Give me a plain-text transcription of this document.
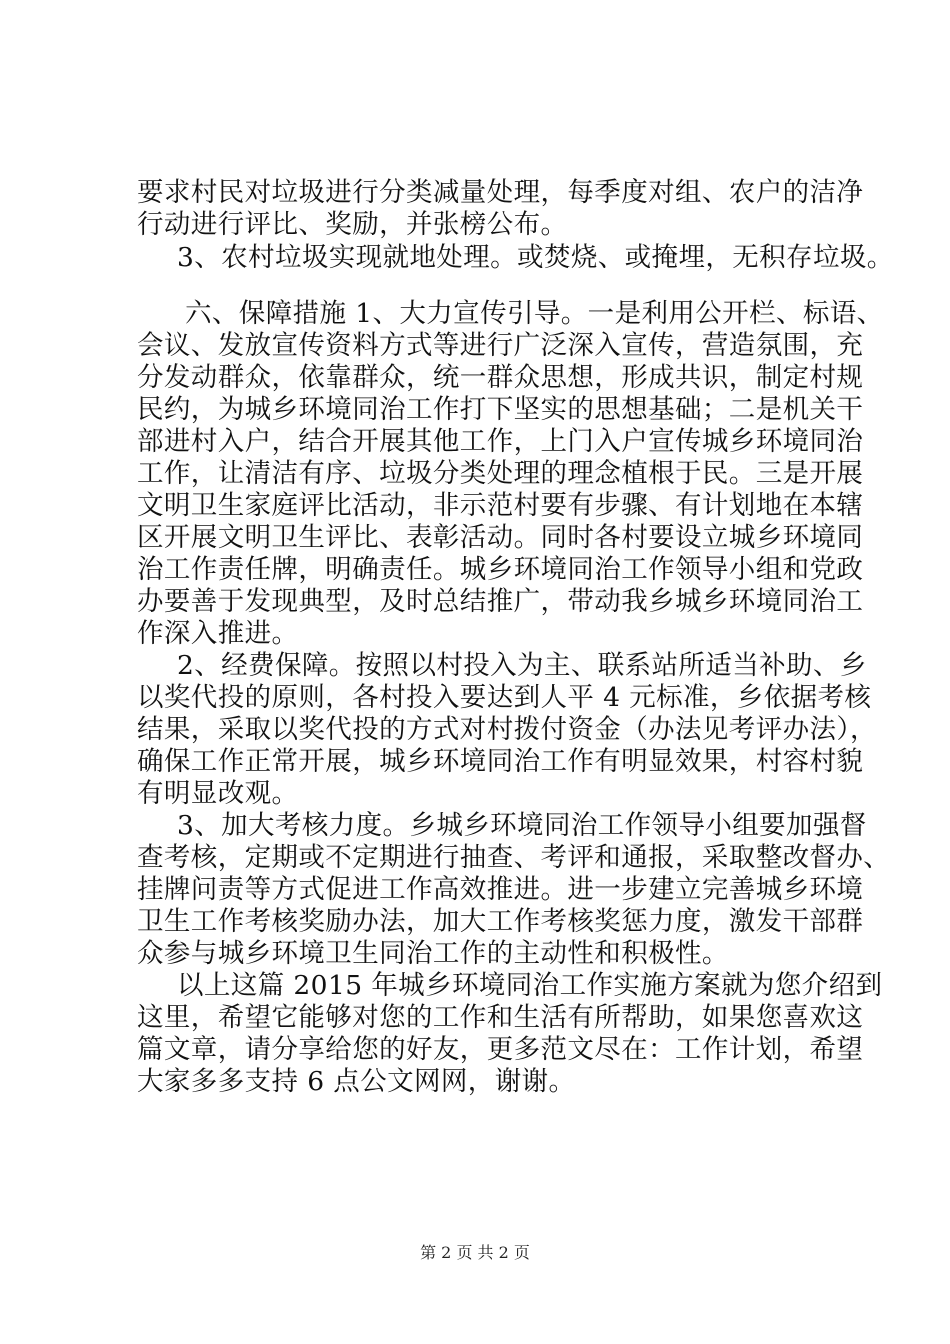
要求村民对垃圾进行分类减量处理，每季度对组、农户的洁净
行动进行评比、奖励，并张榜公布。
3、农村垃圾实现就地处理。或焚烧、或掩埋，无积存垃圾。
六、保障措施 1、大力宣传引导。一是利用公开栏、标语、
会议、发放宣传资料方式等进行广泛深入宣传，营造氛围，充
分发动群众，依靠群众，统一群众思想，形成共识，制定村规
民约，为城乡环境同治工作打下坚实的思想基础；二是机关干
部进村入户，结合开展其他工作，上门入户宣传城乡环境同治
工作，让清洁有序、垃圾分类处理的理念植根于民。三是开展
文明卫生家庭评比活动，非示范村要有步骤、有计划地在本辖
区开展文明卫生评比、表彰活动。同时各村要设立城乡环境同
治工作责任牌，明确责任。城乡环境同治工作领导小组和党政
办要善于发现典型，及时总结推广，带动我乡城乡环境同治工
作深入推进。
2、经费保障。按照以村投入为主、联系站所适当补助、乡
以奖代投的原则，各村投入要达到人平 4 元标准，乡依据考核
结果，采取以奖代投的方式对村拨付资金（办法见考评办法），
确保工作正常开展，城乡环境同治工作有明显效果，村容村貌
有明显改观。
3、加大考核力度。乡城乡环境同治工作领导小组要加强督
查考核，定期或不定期进行抽查、考评和通报，采取整改督办、
挂牌问责等方式促进工作高效推进。进一步建立完善城乡环境
卫生工作考核奖励办法，加大工作考核奖惩力度，激发干部群
众参与城乡环境卫生同治工作的主动性和积极性。
以上这篇 2015 年城乡环境同治工作实施方案就为您介绍到
这里，希望它能够对您的工作和生活有所帮助，如果您喜欢这
篇文章，请分享给您的好友，更多范文尽在：工作计划，希望
大家多多支持 6 点公文网网，谢谢。
第 2 页 共 2 页
